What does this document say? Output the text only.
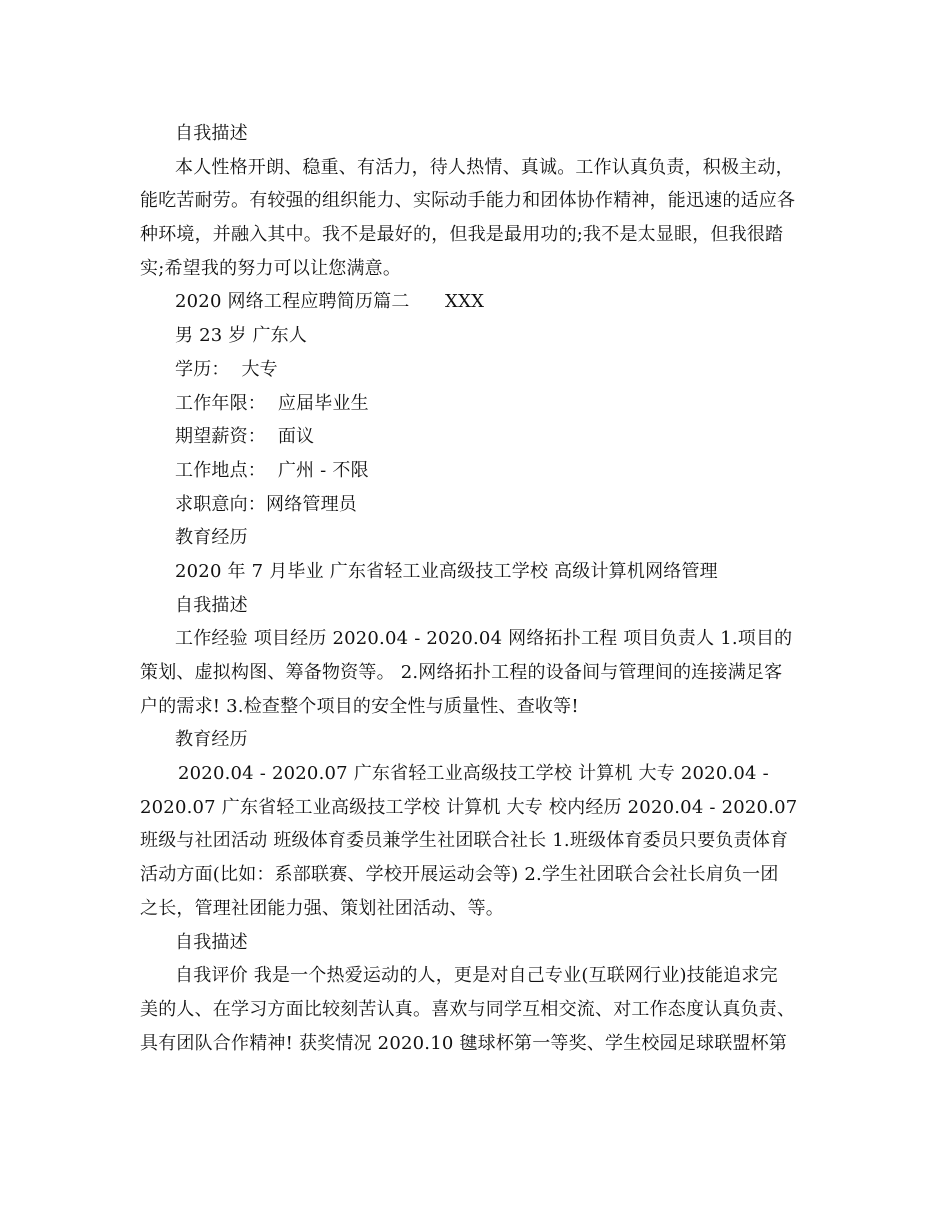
自我描述
本人性格开朗、稳重、有活力，待人热情、真诚。工作认真负责，积极主动，
能吃苦耐劳。有较强的组织能力、实际动手能力和团体协作精神，能迅速的适应各
种环境，并融入其中。我不是最好的，但我是最用功的;我不是太显眼，但我很踏
实;希望我的努力可以让您满意。
2020 网络工程应聘简历篇二      XXX
男 23 岁 广东人
学历：  大专
工作年限：  应届毕业生
期望薪资：  面议
工作地点：  广州 - 不限
求职意向：网络管理员
教育经历
2020 年 7 月毕业 广东省轻工业高级技工学校 高级计算机网络管理
自我描述
工作经验 项目经历 2020.04 - 2020.04 网络拓扑工程 项目负责人 1.项目的
策划、虚拟构图、筹备物资等。 2.网络拓扑工程的设备间与管理间的连接满足客
户的需求! 3.检查整个项目的安全性与质量性、查收等!
教育经历
2020.04 - 2020.07 广东省轻工业高级技工学校 计算机 大专 2020.04 -
2020.07 广东省轻工业高级技工学校 计算机 大专 校内经历 2020.04 - 2020.07
班级与社团活动 班级体育委员兼学生社团联合社长 1.班级体育委员只要负责体育
活动方面(比如：系部联赛、学校开展运动会等) 2.学生社团联合会社长肩负一团
之长，管理社团能力强、策划社团活动、等。
自我描述
自我评价 我是一个热爱运动的人，更是对自己专业(互联网行业)技能追求完
美的人、在学习方面比较刻苦认真。喜欢与同学互相交流、对工作态度认真负责、
具有团队合作精神! 获奖情况 2020.10 毽球杯第一等奖、学生校园足球联盟杯第
